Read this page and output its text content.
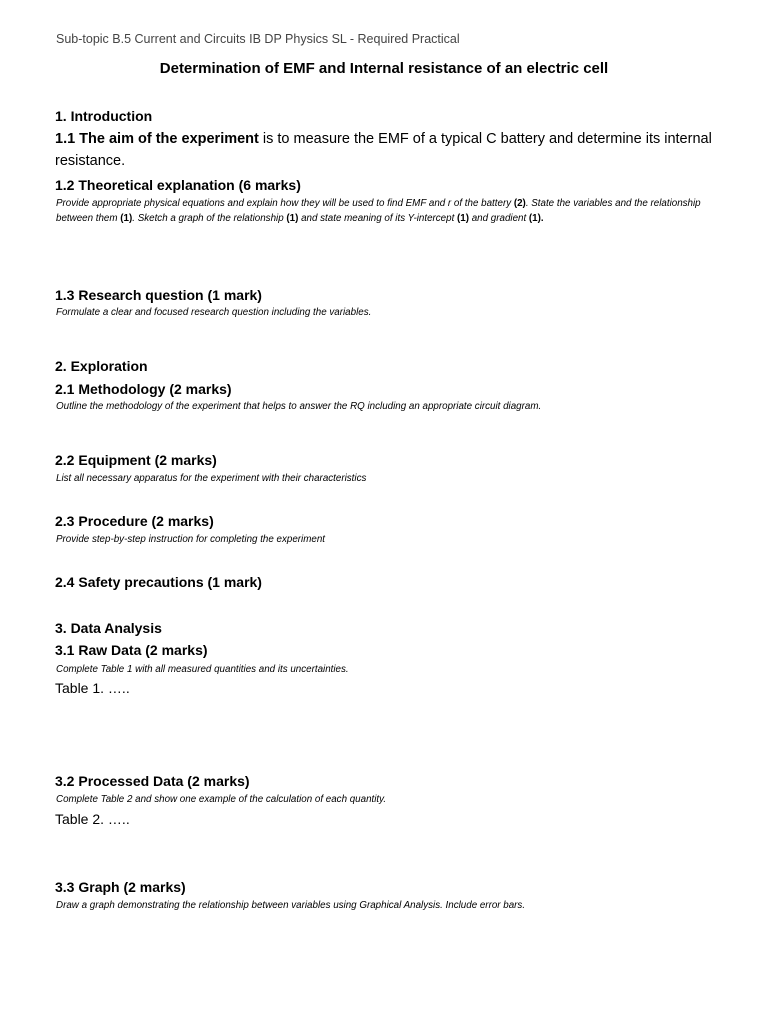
Sub-topic B.5 Current and Circuits IB DP Physics SL - Required Practical
Determination of EMF and Internal resistance of an electric cell
1. Introduction
1.1 The aim of the experiment is to measure the EMF of a typical C battery and determine its internal resistance.
1.2 Theoretical explanation (6 marks)
Provide appropriate physical equations and explain how they will be used to find EMF and r of the battery (2). State the variables and the relationship between them (1). Sketch a graph of the relationship (1) and state meaning of its Y-intercept (1) and gradient (1).
1.3 Research question (1 mark)
Formulate a clear and focused research question including the variables.
2. Exploration
2.1 Methodology (2 marks)
Outline the methodology of the experiment that helps to answer the RQ including an appropriate circuit diagram.
2.2 Equipment (2 marks)
List all necessary apparatus for the experiment with their characteristics
2.3 Procedure (2 marks)
Provide step-by-step instruction for completing the experiment
2.4 Safety precautions (1 mark)
3. Data Analysis
3.1 Raw Data (2 marks)
Complete Table 1 with all measured quantities and its uncertainties.
Table 1. …..
3.2 Processed Data (2 marks)
Complete Table 2 and show one example of the calculation of each quantity.
Table 2. …..
3.3 Graph (2 marks)
Draw a graph demonstrating the relationship between variables using Graphical Analysis. Include error bars.
